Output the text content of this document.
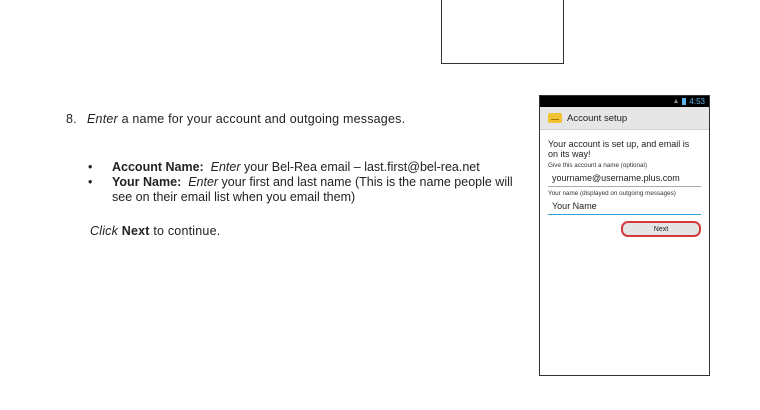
8. Enter a name for your account and outgoing messages.
•	Account Name: Enter your Bel-Rea email – last.first@bel-rea.net
•	Your Name: Enter your first and last name (This is the name people will see on their email list when you email them)
Click Next to continue.
▲ 4:53
Account setup
Your account is set up, and email is on its way!
Give this account a name (optional)
yourname@username.plus.com
Your name (displayed on outgoing messages)
Your Name
Next
